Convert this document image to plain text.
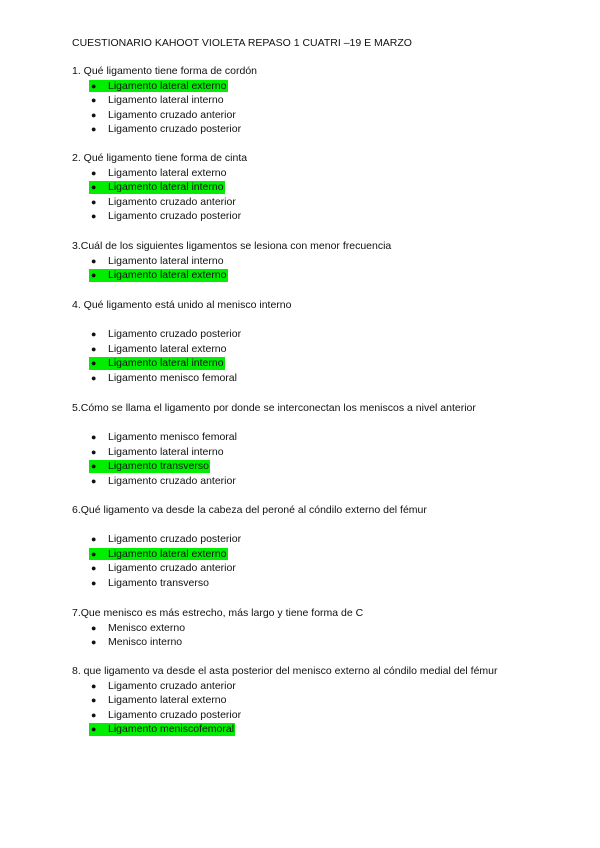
CUESTIONARIO KAHOOT VIOLETA REPASO 1 CUATRI –19 E MARZO
1. Qué ligamento tiene forma de cordón
● Ligamento lateral externo
● Ligamento lateral interno
● Ligamento cruzado anterior
● Ligamento cruzado posterior
2. Qué ligamento tiene forma de cinta
● Ligamento lateral externo
● Ligamento lateral interno
● Ligamento cruzado anterior
● Ligamento cruzado posterior
3.Cuál de los siguientes ligamentos se lesiona con menor frecuencia
● Ligamento lateral interno
● Ligamento lateral externo
4. Qué ligamento está unido al menisco interno
● Ligamento cruzado posterior
● Ligamento lateral externo
● Ligamento lateral interno
● Ligamento menisco femoral
5.Cómo se llama el ligamento por donde se interconectan los meniscos a nivel anterior
● Ligamento menisco femoral
● Ligamento lateral interno
● Ligamento transverso
● Ligamento cruzado anterior
6.Qué ligamento va desde la cabeza del peroné al cóndilo externo del fémur
● Ligamento cruzado posterior
● Ligamento lateral externo
● Ligamento cruzado anterior
● Ligamento transverso
7.Que menisco es más estrecho, más largo y tiene forma de C
● Menisco externo
● Menisco interno
8. que ligamento va desde el asta posterior del menisco externo al cóndilo medial del fémur
● Ligamento cruzado anterior
● Ligamento lateral externo
● Ligamento cruzado posterior
● Ligamento meniscofemoral
